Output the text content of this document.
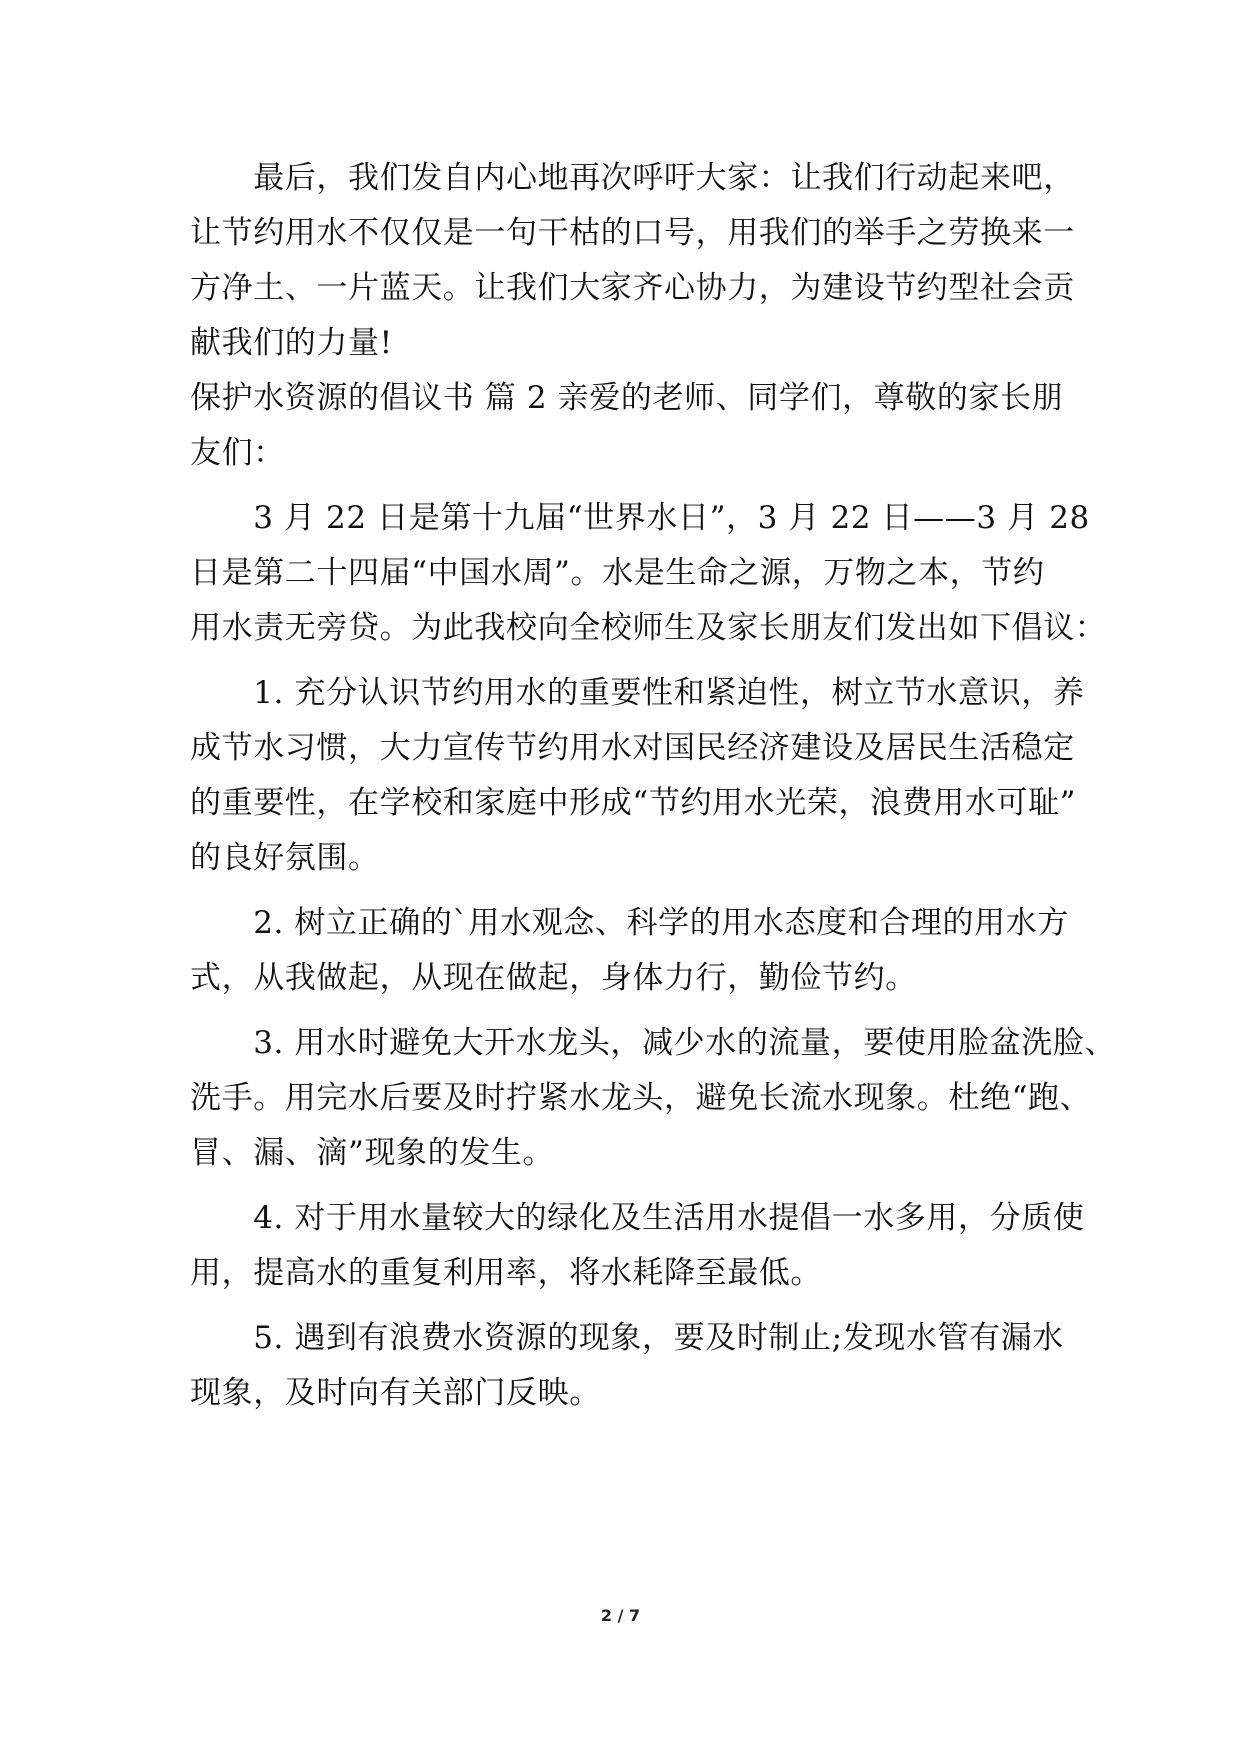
　　最后，我们发自内心地再次呼吁大家：让我们行动起来吧，
让节约用水不仅仅是一句干枯的口号，用我们的举手之劳换来一
方净土、一片蓝天。让我们大家齐心协力，为建设节约型社会贡
献我们的力量!
保护水资源的倡议书 篇 2 亲爱的老师、同学们，尊敬的家长朋
友们：
　　3 月 22 日是第十九届“世界水日”，3 月 22 日——3 月 28
日是第二十四届“中国水周”。水是生命之源，万物之本，节约
用水责无旁贷。为此我校向全校师生及家长朋友们发出如下倡议：
　　1. 充分认识节约用水的重要性和紧迫性，树立节水意识，养
成节水习惯，大力宣传节约用水对国民经济建设及居民生活稳定
的重要性，在学校和家庭中形成“节约用水光荣，浪费用水可耻”
的良好氛围。
　　2. 树立正确的`用水观念、科学的用水态度和合理的用水方
式，从我做起，从现在做起，身体力行，勤俭节约。
　　3. 用水时避免大开水龙头，减少水的流量，要使用脸盆洗脸、
洗手。用完水后要及时拧紧水龙头，避免长流水现象。杜绝“跑、
冒、漏、滴”现象的发生。
　　4. 对于用水量较大的绿化及生活用水提倡一水多用，分质使
用，提高水的重复利用率，将水耗降至最低。
　　5. 遇到有浪费水资源的现象，要及时制止;发现水管有漏水
现象，及时向有关部门反映。
2 / 7
